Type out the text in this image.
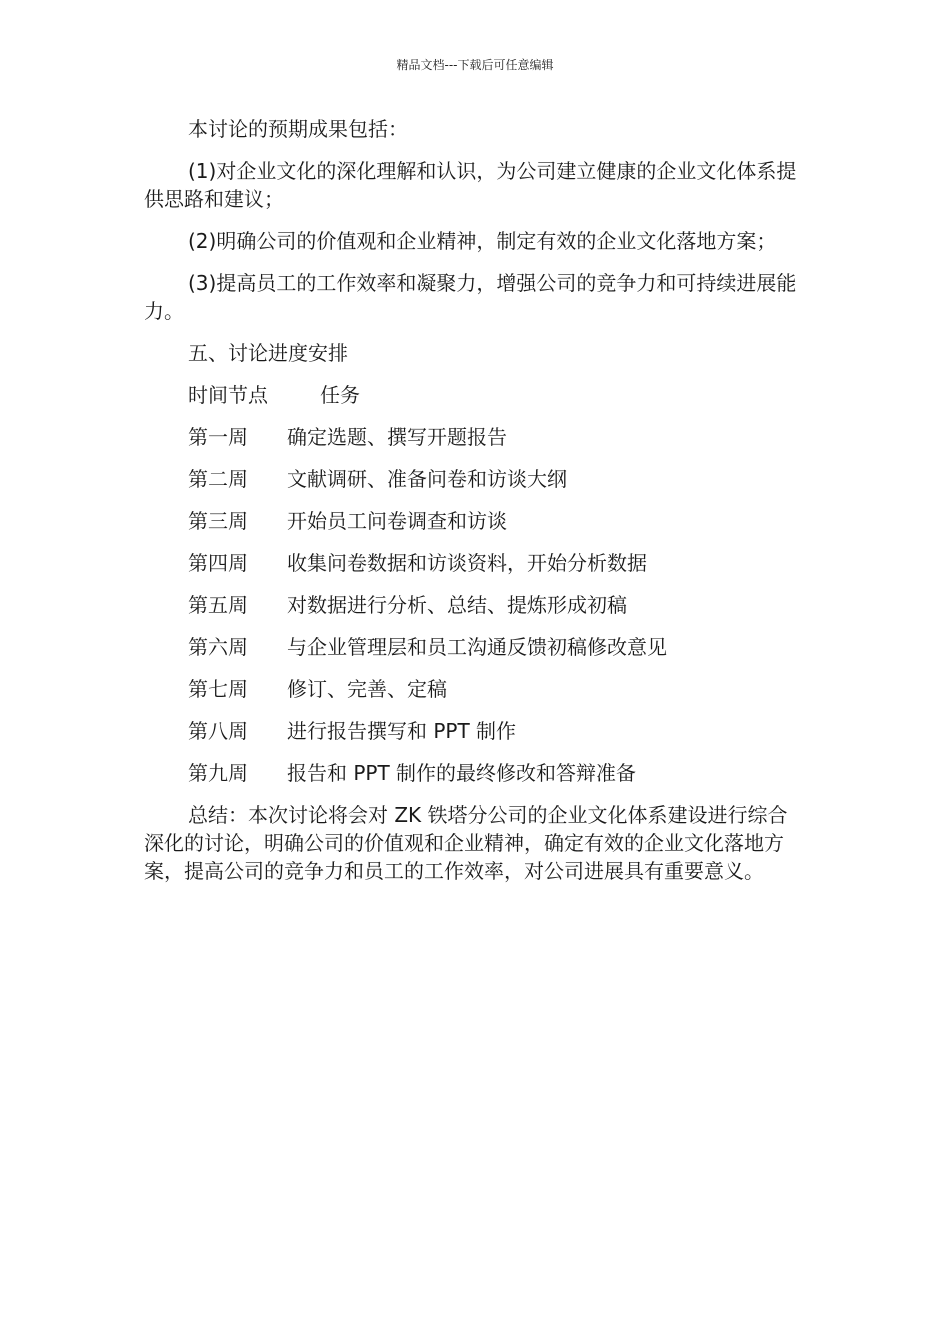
精品文档---下载后可任意编辑

本讨论的预期成果包括：

(1)对企业文化的深化理解和认识，为公司建立健康的企业文化体系提供思路和建议；

(2)明确公司的价值观和企业精神，制定有效的企业文化落地方案；

(3)提高员工的工作效率和凝聚力，增强公司的竞争力和可持续进展能力。

五、讨论进度安排

时间节点	任务
第一周 确定选题、撰写开题报告
第二周 文献调研、准备问卷和访谈大纲
第三周 开始员工问卷调查和访谈
第四周 收集问卷数据和访谈资料，开始分析数据
第五周 对数据进行分析、总结、提炼形成初稿
第六周 与企业管理层和员工沟通反馈初稿修改意见
第七周 修订、完善、定稿
第八周 进行报告撰写和 PPT 制作
第九周 报告和 PPT 制作的最终修改和答辩准备

总结：本次讨论将会对 ZK 铁塔分公司的企业文化体系建设进行综合深化的讨论，明确公司的价值观和企业精神，确定有效的企业文化落地方案，提高公司的竞争力和员工的工作效率，对公司进展具有重要意义。
